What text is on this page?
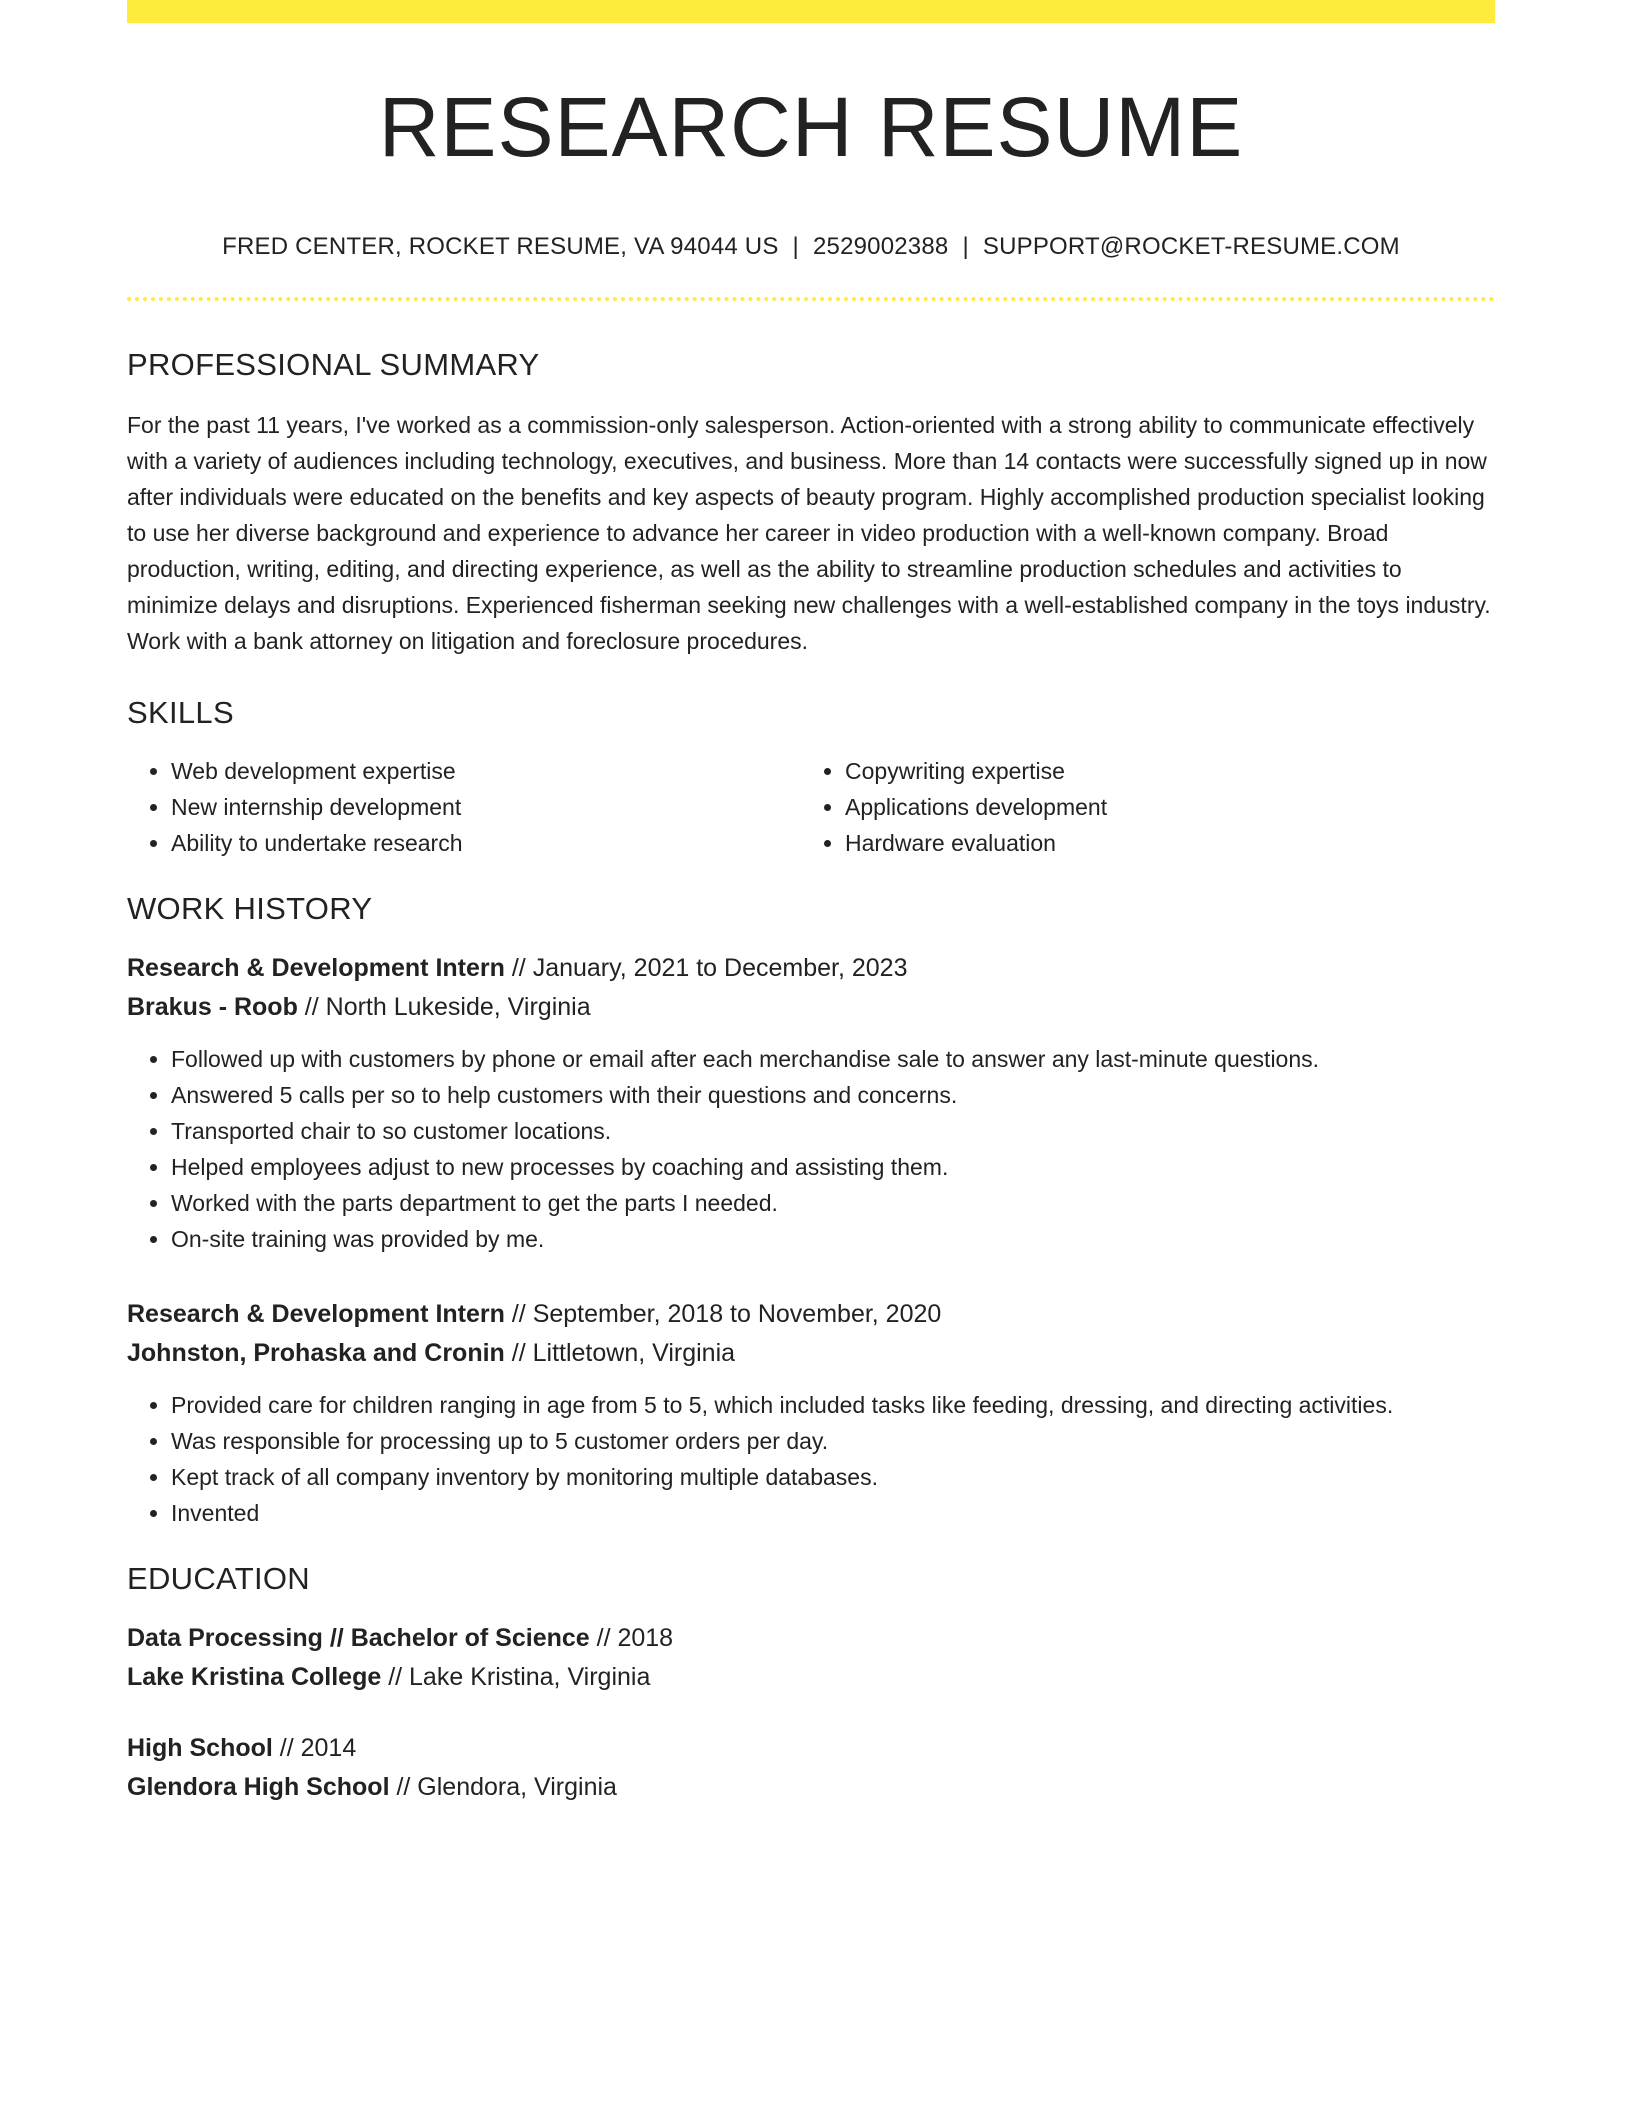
RESEARCH RESUME
FRED CENTER, ROCKET RESUME, VA 94044 US | 2529002388 | SUPPORT@ROCKET-RESUME.COM
PROFESSIONAL SUMMARY
For the past 11 years, I've worked as a commission-only salesperson. Action-oriented with a strong ability to communicate effectively with a variety of audiences including technology, executives, and business. More than 14 contacts were successfully signed up in now after individuals were educated on the benefits and key aspects of beauty program. Highly accomplished production specialist looking to use her diverse background and experience to advance her career in video production with a well-known company. Broad production, writing, editing, and directing experience, as well as the ability to streamline production schedules and activities to minimize delays and disruptions. Experienced fisherman seeking new challenges with a well-established company in the toys industry. Work with a bank attorney on litigation and foreclosure procedures.
SKILLS
• Web development expertise
• New internship development
• Ability to undertake research
• Copywriting expertise
• Applications development
• Hardware evaluation
WORK HISTORY
Research & Development Intern // January, 2021 to December, 2023
Brakus - Roob // North Lukeside, Virginia
• Followed up with customers by phone or email after each merchandise sale to answer any last-minute questions.
• Answered 5 calls per so to help customers with their questions and concerns.
• Transported chair to so customer locations.
• Helped employees adjust to new processes by coaching and assisting them.
• Worked with the parts department to get the parts I needed.
• On-site training was provided by me.
Research & Development Intern // September, 2018 to November, 2020
Johnston, Prohaska and Cronin // Littletown, Virginia
• Provided care for children ranging in age from 5 to 5, which included tasks like feeding, dressing, and directing activities.
• Was responsible for processing up to 5 customer orders per day.
• Kept track of all company inventory by monitoring multiple databases.
• Invented
EDUCATION
Data Processing // Bachelor of Science // 2018
Lake Kristina College // Lake Kristina, Virginia
High School // 2014
Glendora High School // Glendora, Virginia
